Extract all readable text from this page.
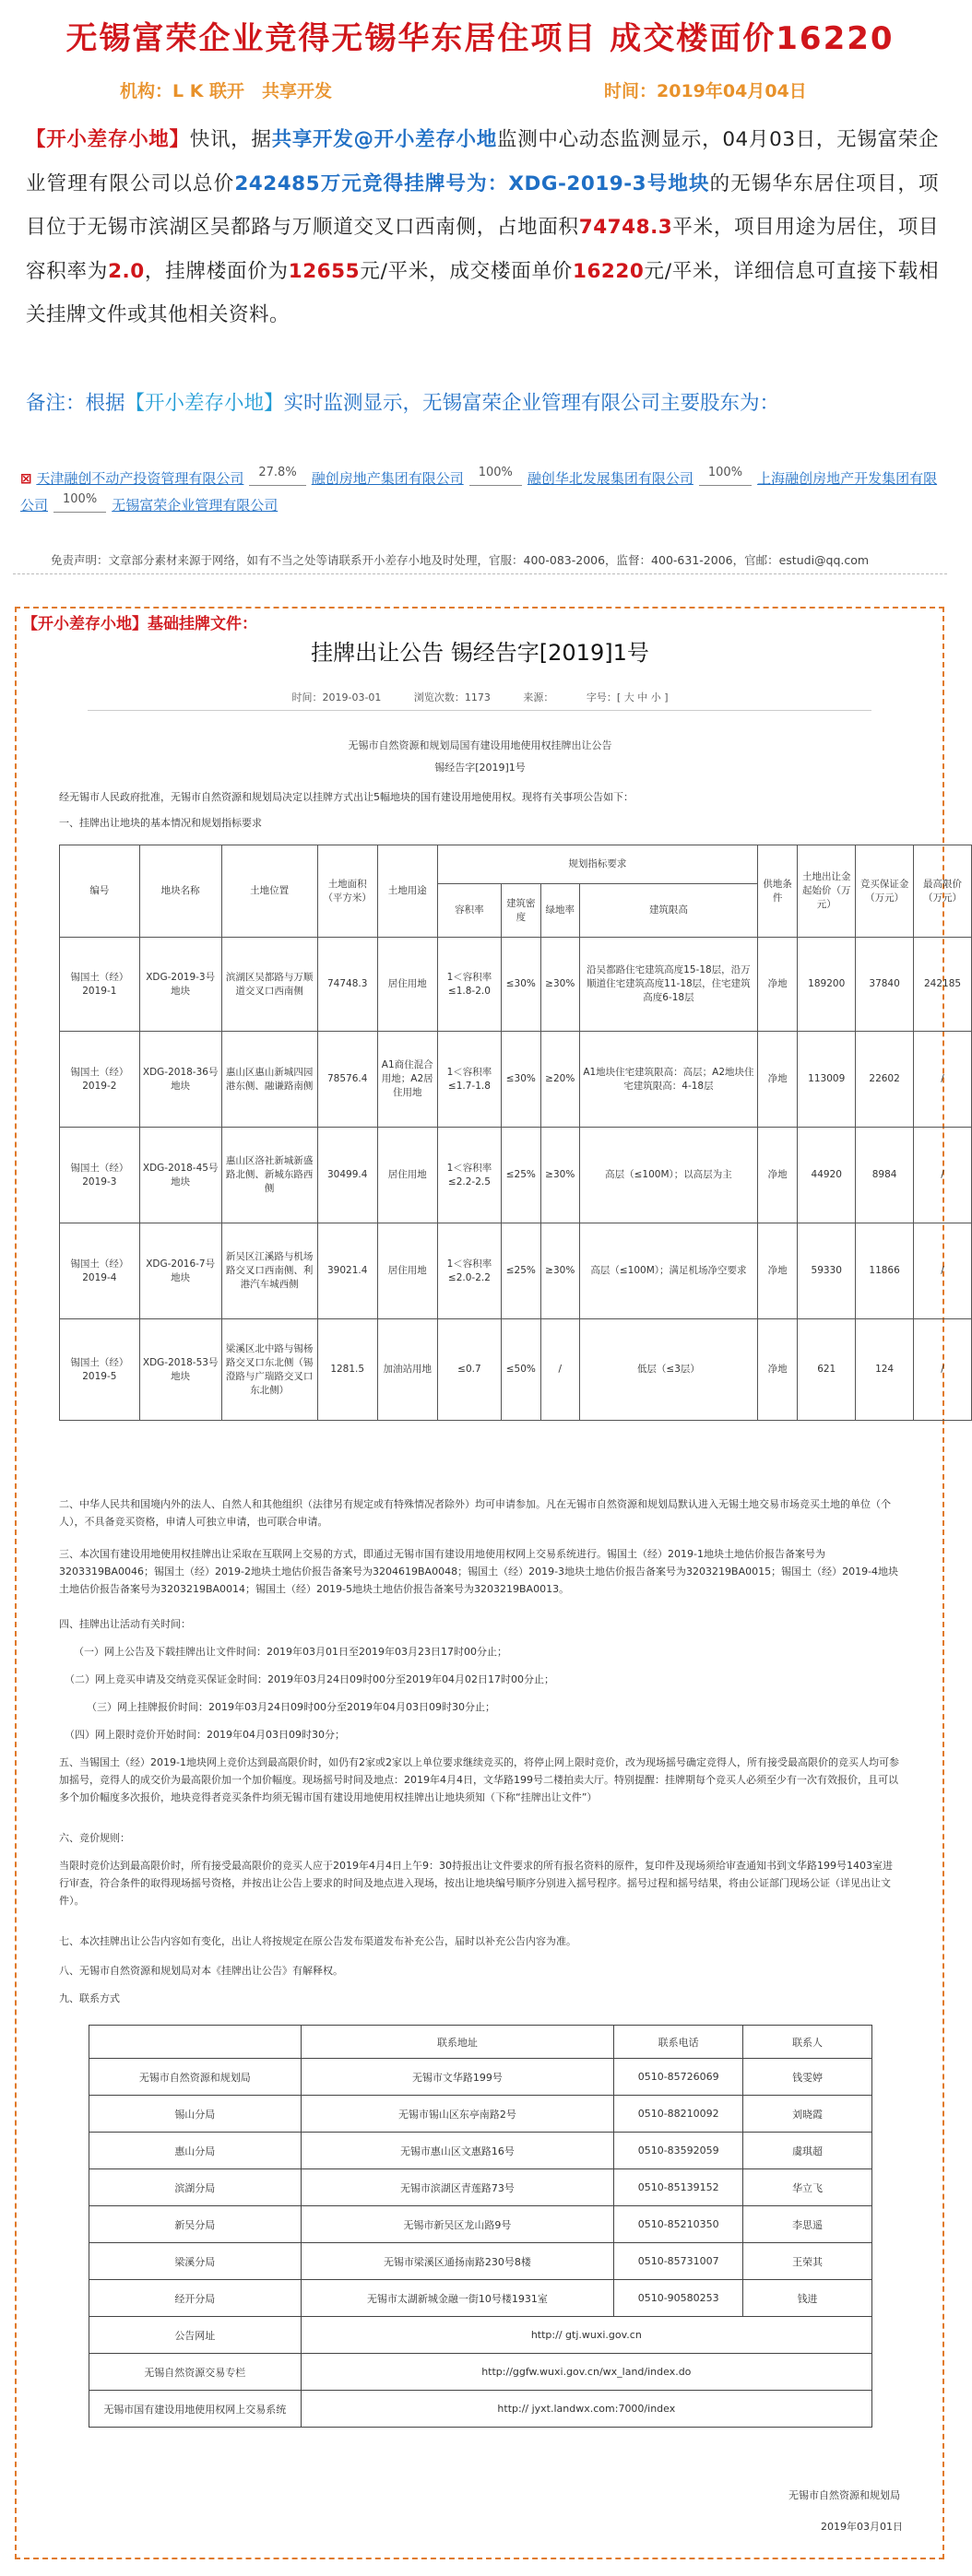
无锡富荣企业竞得无锡华东居住项目 成交楼面价16220
机构：L K 联开　共享开发	时间：2019年04月04日
【开小差存小地】快讯，据共享开发@开小差存小地监测中心动态监测显示，04月03日，无锡富荣企业管理有限公司以总价242485万元竞得挂牌号为：XDG-2019-3号地块的无锡华东居住项目，项目位于无锡市滨湖区吴都路与万顺道交叉口西南侧，占地面积74748.3平米，项目用途为居住，项目容积率为2.0，挂牌楼面价为12655元/平米，成交楼面单价16220元/平米，详细信息可直接下载相关挂牌文件或其他相关资料。
备注：根据【开小差存小地】实时监测显示，无锡富荣企业管理有限公司主要股东为：
⊠ 天津融创不动产投资管理有限公司 27.8% 融创房地产集团有限公司 100% 融创华北发展集团有限公司 100% 上海融创房地产开发集团有限公司 100% 无锡富荣企业管理有限公司
免责声明：文章部分素材来源于网络，如有不当之处等请联系开小差存小地及时处理，官服：400-083-2006，监督：400-631-2006，官邮：estudi@qq.com
【开小差存小地】基础挂牌文件：
挂牌出让公告 锡经告字[2019]1号
时间：2019-03-01	浏览次数：1173	来源：	字号：[ 大 中 小 ]
无锡市自然资源和规划局国有建设用地使用权挂牌出让公告
锡经告字[2019]1号
经无锡市人民政府批准，无锡市自然资源和规划局决定以挂牌方式出让5幅地块的国有建设用地使用权。现将有关事项公告如下：
一、挂牌出让地块的基本情况和规划指标要求
编号	地块名称	土地位置	土地面积（平方米）	土地用途	规划指标要求				供地条件	土地出让金起始价（万元）	竞买保证金（万元）	最高限价（万元）
					容积率	建筑密度	绿地率	建筑限高				
锡国土（经）2019-1	XDG-2019-3号地块	滨湖区吴都路与万顺道交叉口西南侧	74748.3	居住用地	1＜容积率≤1.8-2.0	≤30%	≥30%	沿吴都路住宅建筑高度15-18层，沿万顺道住宅建筑高度11-18层，住宅建筑高度6-18层	净地	189200	37840	242185
锡国土（经）2019-2	XDG-2018-36号地块	惠山区惠山新城四园港东侧、融谦路南侧	78576.4	A1商住混合用地；A2居住用地	1＜容积率≤1.7-1.8	≤30%	≥20%	A1地块住宅建筑限高：高层；A2地块住宅建筑限高：4-18层	净地	113009	22602	/
锡国土（经）2019-3	XDG-2018-45号地块	惠山区洛社新城新盛路北侧、新城东路西侧	30499.4	居住用地	1＜容积率≤2.2-2.5	≤25%	≥30%	高层（≤100M）；以高层为主	净地	44920	8984	/
锡国土（经）2019-4	XDG-2016-7号地块	新吴区江溪路与机场路交叉口西南侧、利港汽车城西侧	39021.4	居住用地	1＜容积率≤2.0-2.2	≤25%	≥30%	高层（≤100M）；满足机场净空要求	净地	59330	11866	/
锡国土（经）2019-5	XDG-2018-53号地块	梁溪区北中路与锡杨路交叉口东北侧（锡澄路与广瑞路交叉口东北侧）	1281.5	加油站用地	≤0.7	≤50%	/	低层（≤3层）	净地	621	124	/
二、中华人民共和国境内外的法人、自然人和其他组织（法律另有规定或有特殊情况者除外）均可申请参加。凡在无锡市自然资源和规划局默认进入无锡土地交易市场竞买土地的单位（个人），不具备竞买资格，申请人可独立申请，也可联合申请。
三、本次国有建设用地使用权挂牌出让采取在互联网上交易的方式，即通过无锡市国有建设用地使用权网上交易系统进行。锡国土（经）2019-1地块土地估价报告备案号为3203319BA0046；锡国土（经）2019-2地块土地估价报告备案号为3204619BA0048；锡国土（经）2019-3地块土地估价报告备案号为3203219BA0015；锡国土（经）2019-4地块土地估价报告备案号为3203219BA0014；锡国土（经）2019-5地块土地估价报告备案号为3203219BA0013。
四、挂牌出让活动有关时间：
（一）网上公告及下载挂牌出让文件时间：2019年03月01日至2019年03月23日17时00分止；
（二）网上竞买申请及交纳竞买保证金时间：2019年03月24日09时00分至2019年04月02日17时00分止；
（三）网上挂牌报价时间：2019年03月24日09时00分至2019年04月03日09时30分止；
（四）网上限时竞价开始时间：2019年04月03日09时30分；
五、当锡国土（经）2019-1地块网上竞价达到最高限价时，如仍有2家或2家以上单位要求继续竞买的，将停止网上限时竞价，改为现场摇号确定竞得人，所有接受最高限价的竞买人均可参加摇号，竞得人的成交价为最高限价加一个加价幅度。现场摇号时间及地点：2019年4月4日，文华路199号二楼拍卖大厅。特别提醒：挂牌期每个竞买人必须至少有一次有效报价，且可以多个加价幅度多次报价，地块竞得者竞买条件均须无锡市国有建设用地使用权挂牌出让地块须知（下称“挂牌出让文件”）
六、竞价规则：
当限时竞价达到最高限价时，所有接受最高限价的竞买人应于2019年4月4日上午9：30持报出让文件要求的所有报名资料的原件，复印件及现场须给审查通知书到文华路199号1403室进行审查，符合条件的取得现场摇号资格，并按出让公告上要求的时间及地点进入现场，按出让地块编号顺序分别进入摇号程序。摇号过程和摇号结果，将由公证部门现场公证（详见出让文件）。
七、本次挂牌出让公告内容如有变化，出让人将按规定在原公告发布渠道发布补充公告，届时以补充公告内容为准。
八、无锡市自然资源和规划局对本《挂牌出让公告》有解释权。
九、联系方式
	联系地址	联系电话	联系人
无锡市自然资源和规划局	无锡市文华路199号	0510-85726069	钱雯婷
锡山分局	无锡市锡山区东亭南路2号	0510-88210092	刘晓霞
惠山分局	无锡市惠山区文惠路16号	0510-83592059	虞琪超
滨湖分局	无锡市滨湖区青莲路73号	0510-85139152	华立飞
新吴分局	无锡市新吴区龙山路9号	0510-85210350	李思遥
梁溪分局	无锡市梁溪区通扬南路230号8楼	0510-85731007	王荣其
经开分局	无锡市太湖新城金融一街10号楼1931室	0510-90580253	钱进
公告网址	http:// gtj.wuxi.gov.cn		
无锡自然资源交易专栏	http://ggfw.wuxi.gov.cn/wx_land/index.do		
无锡市国有建设用地使用权网上交易系统	http:// jyxt.landwx.com:7000/index		
无锡市自然资源和规划局
2019年03月01日
